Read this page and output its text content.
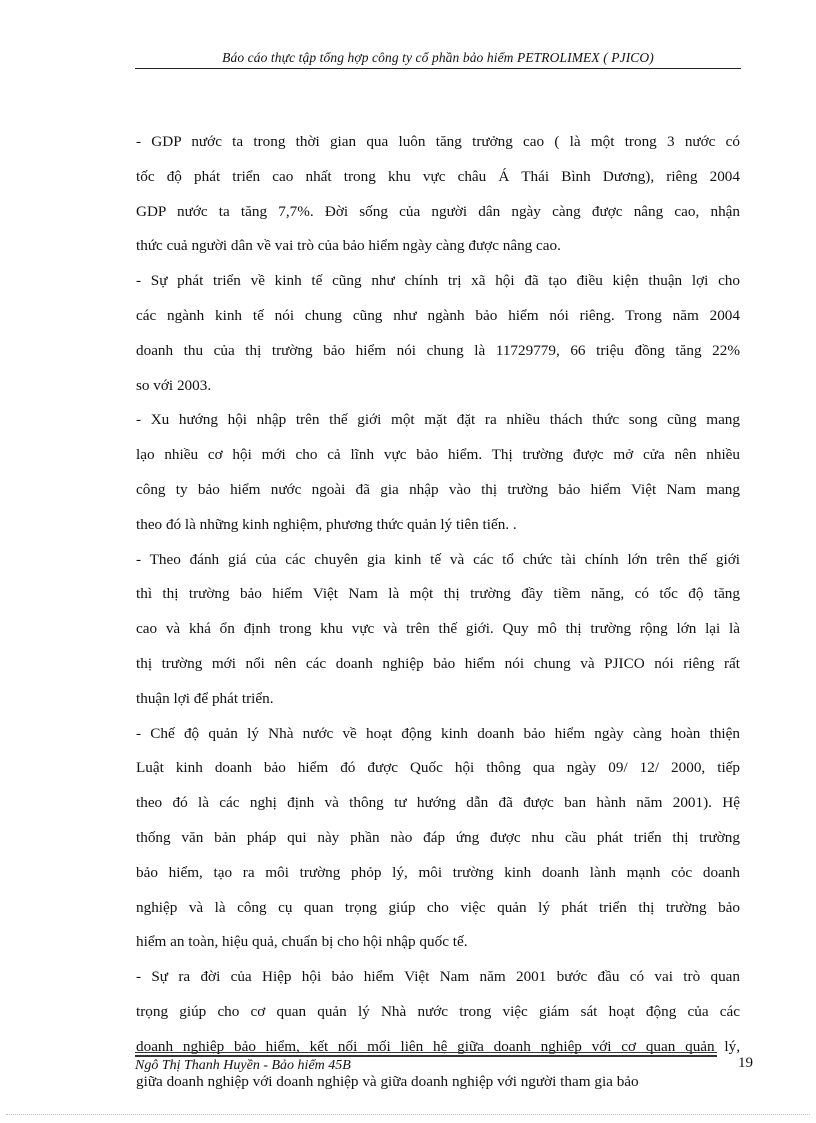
Báo cáo thực tập tổng hợp công ty cổ phần bảo hiểm PETROLIMEX ( PJICO)
- GDP nước ta trong thời gian qua luôn tăng trưởng cao ( là một trong 3 nước có
tốc độ phát triển cao nhất trong khu vực châu Á Thái Bình Dương), riêng 2004
GDP nước ta tăng 7,7%. Đời sống của người dân ngày càng được nâng cao, nhận
thức cuả người dân về vai trò của bảo hiểm ngày càng được nâng cao.
- Sự phát triển về kinh tế cũng như chính trị xã hội đã tạo điều kiện thuận lợi cho
các ngành kinh tế nói chung cũng như ngành bảo hiểm nói riêng. Trong năm 2004
doanh thu của thị trường bảo hiểm nói chung là 11729779, 66 triệu đồng tăng 22%
so với 2003.
- Xu hướng hội nhập trên thế giới một mặt đặt ra nhiều thách thức song cũng mang
lạo nhiều cơ hội mới cho cả lĩnh vực bảo hiểm. Thị trường được mở cửa nên nhiều
công ty bảo hiểm nước ngoài đã gia nhập vào thị trường bảo hiểm Việt Nam mang
theo đó là những kinh nghiệm, phương thức quản lý tiên tiến. .
- Theo đánh giá của các chuyên gia kinh tế và các tổ chức tài chính lớn trên thế giới
thì thị trường bảo hiểm Việt Nam là một thị trường đầy tiềm năng, có tốc độ tăng
cao và khá ổn định trong khu vực và trên thế giới. Quy mô thị trường rộng lớn lại là
thị trường mới nổi nên các doanh nghiệp bảo hiểm nói chung và PJICO nói riêng rất
thuận lợi để phát triển.
- Chế độ quản lý Nhà nước về hoạt động kinh doanh bảo hiểm ngày càng hoàn thiện
Luật kinh doanh bảo hiểm đó được Quốc hội thông qua ngày 09/ 12/ 2000, tiếp
theo đó là các nghị định và thông tư hướng dẫn đã được ban hành năm 2001). Hệ
thống văn bản pháp qui này phần nào đáp ứng được nhu cầu phát triển thị trường
bảo hiểm, tạo ra môi trường phỏp lý, môi trường kinh doanh lành mạnh cỏc doanh
nghiệp và là công cụ quan trọng giúp cho việc quản lý phát triển thị trường bảo
hiểm an toàn, hiệu quả, chuẩn bị cho hội nhập quốc tế.
- Sự ra đời của Hiệp hội bảo hiểm Việt Nam năm 2001 bước đầu có vai trò quan
trọng giúp cho cơ quan quản lý Nhà nước trong việc giám sát hoạt động của các
doanh nghiệp bảo hiểm, kết nối mối liên hệ giữa doanh nghiệp với cơ quan quản lý,
giữa doanh nghiệp với doanh nghiệp và giữa doanh nghiệp với người tham gia bảo
Ngô Thị Thanh Huyền - Bảo hiểm 45B	19
